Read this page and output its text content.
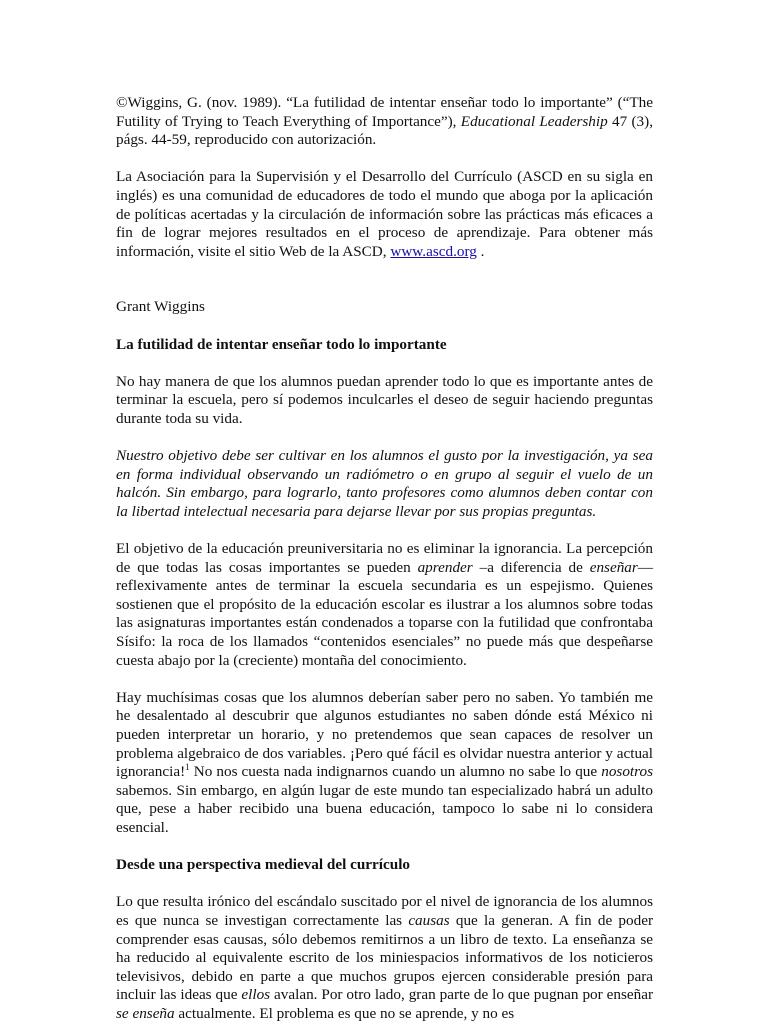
©Wiggins, G. (nov. 1989). “La futilidad de intentar enseñar todo lo importante” (“The Futility of Trying to Teach Everything of Importance”), Educational Leadership 47 (3), págs. 44-59, reproducido con autorización.

La Asociación para la Supervisión y el Desarrollo del Currículo (ASCD en su sigla en inglés) es una comunidad de educadores de todo el mundo que aboga por la aplicación de políticas acertadas y la circulación de información sobre las prácticas más eficaces a fin de lograr mejores resultados en el proceso de aprendizaje. Para obtener más información, visite el sitio Web de la ASCD, www.ascd.org .

Grant Wiggins

La futilidad de intentar enseñar todo lo importante

No hay manera de que los alumnos puedan aprender todo lo que es importante antes de terminar la escuela, pero sí podemos inculcarles el deseo de seguir haciendo preguntas durante toda su vida.

Nuestro objetivo debe ser cultivar en los alumnos el gusto por la investigación, ya sea en forma individual observando un radiómetro o en grupo al seguir el vuelo de un halcón. Sin embargo, para lograrlo, tanto profesores como alumnos deben contar con la libertad intelectual necesaria para dejarse llevar por sus propias preguntas.

El objetivo de la educación preuniversitaria no es eliminar la ignorancia. La percepción de que todas las cosas importantes se pueden aprender –a diferencia de enseñar— reflexivamente antes de terminar la escuela secundaria es un espejismo. Quienes sostienen que el propósito de la educación escolar es ilustrar a los alumnos sobre todas las asignaturas importantes están condenados a toparse con la futilidad que confrontaba Sísifo: la roca de los llamados “contenidos esenciales” no puede más que despeñarse cuesta abajo por la (creciente) montaña del conocimiento.

Hay muchísimas cosas que los alumnos deberían saber pero no saben. Yo también me he desalentado al descubrir que algunos estudiantes no saben dónde está México ni pueden interpretar un horario, y no pretendemos que sean capaces de resolver un problema algebraico de dos variables. ¡Pero qué fácil es olvidar nuestra anterior y actual ignorancia!$^1$ No nos cuesta nada indignarnos cuando un alumno no sabe lo que nosotros sabemos. Sin embargo, en algún lugar de este mundo tan especializado habrá un adulto que, pese a haber recibido una buena educación, tampoco lo sabe ni lo considera esencial.

Desde una perspectiva medieval del currículo

Lo que resulta irónico del escándalo suscitado por el nivel de ignorancia de los alumnos es que nunca se investigan correctamente las causas que la generan. A fin de poder comprender esas causas, sólo debemos remitirnos a un libro de texto. La enseñanza se ha reducido al equivalente escrito de los miniespacios informativos de los noticieros televisivos, debido en parte a que muchos grupos ejercen considerable presión para incluir las ideas que ellos avalan. Por otro lado, gran parte de lo que pugnan por enseñar se enseña actualmente. El problema es que no se aprende, y no es
